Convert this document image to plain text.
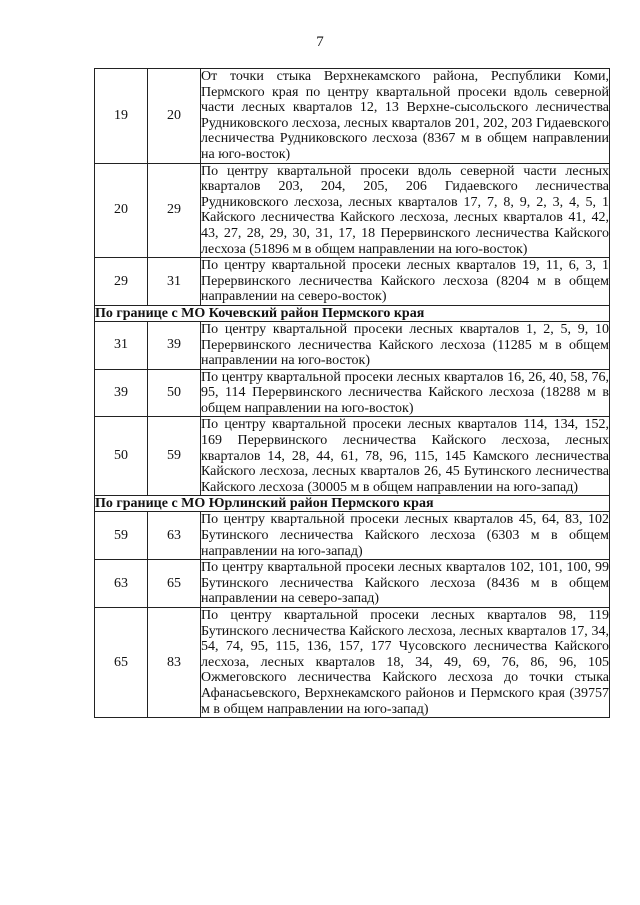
7
19	20	От точки стыка Верхнекамского района, Республики Коми, Пермского края по центру квартальной просеки вдоль северной части лесных кварталов 12, 13 Верхне-сысольского лесничества Рудниковского лесхоза, лесных кварталов 201, 202, 203 Гидаевского лесничества Рудниковского лесхоза (8367 м в общем направлении на юго-восток)
20	29	По центру квартальной просеки вдоль северной части лесных кварталов 203, 204, 205, 206 Гидаевского лесничества Рудниковского лесхоза, лесных кварталов 17, 7, 8, 9, 2, 3, 4, 5, 1 Кайского лесничества Кайского лесхоза, лесных кварталов 41, 42, 43, 27, 28, 29, 30, 31, 17, 18 Перервинского лесничества Кайского лесхоза (51896 м в общем направлении на юго-восток)
29	31	По центру квартальной просеки лесных кварталов 19, 11, 6, 3, 1 Перервинского лесничества Кайского лесхоза (8204 м в общем направлении на северо-восток)
По границе с МО Кочевский район Пермского края		
31	39	По центру квартальной просеки лесных кварталов 1, 2, 5, 9, 10 Перервинского лесничества Кайского лесхоза (11285 м в общем направлении на юго-восток)
39	50	По центру квартальной просеки лесных кварталов 16, 26, 40, 58, 76, 95, 114 Перервинского лесничества Кайского лесхоза (18288 м в общем направлении на юго-восток)
50	59	По центру квартальной просеки лесных кварталов 114, 134, 152, 169 Перервинского лесничества Кайского лесхоза, лесных кварталов 14, 28, 44, 61, 78, 96, 115, 145 Камского лесничества Кайского лесхоза, лесных кварталов 26, 45 Бутинского лесничества Кайского лесхоза (30005 м в общем направлении на юго-запад)
По границе с МО Юрлинский район Пермского края		
59	63	По центру квартальной просеки лесных кварталов 45, 64, 83, 102 Бутинского лесничества Кайского лесхоза (6303 м в общем направлении на юго-запад)
63	65	По центру квартальной просеки лесных кварталов 102, 101, 100, 99 Бутинского лесничества Кайского лесхоза (8436 м в общем направлении на северо-запад)
65	83	По центру квартальной просеки лесных кварталов 98, 119 Бутинского лесничества Кайского лесхоза, лесных кварталов 17, 34, 54, 74, 95, 115, 136, 157, 177 Чусовского лесничества Кайского лесхоза, лесных кварталов 18, 34, 49, 69, 76, 86, 96, 105 Ожмеговского лесничества Кайского лесхоза до точки стыка Афанасьевского, Верхнекамского районов и Пермского края (39757 м в общем направлении на юго-запад)
